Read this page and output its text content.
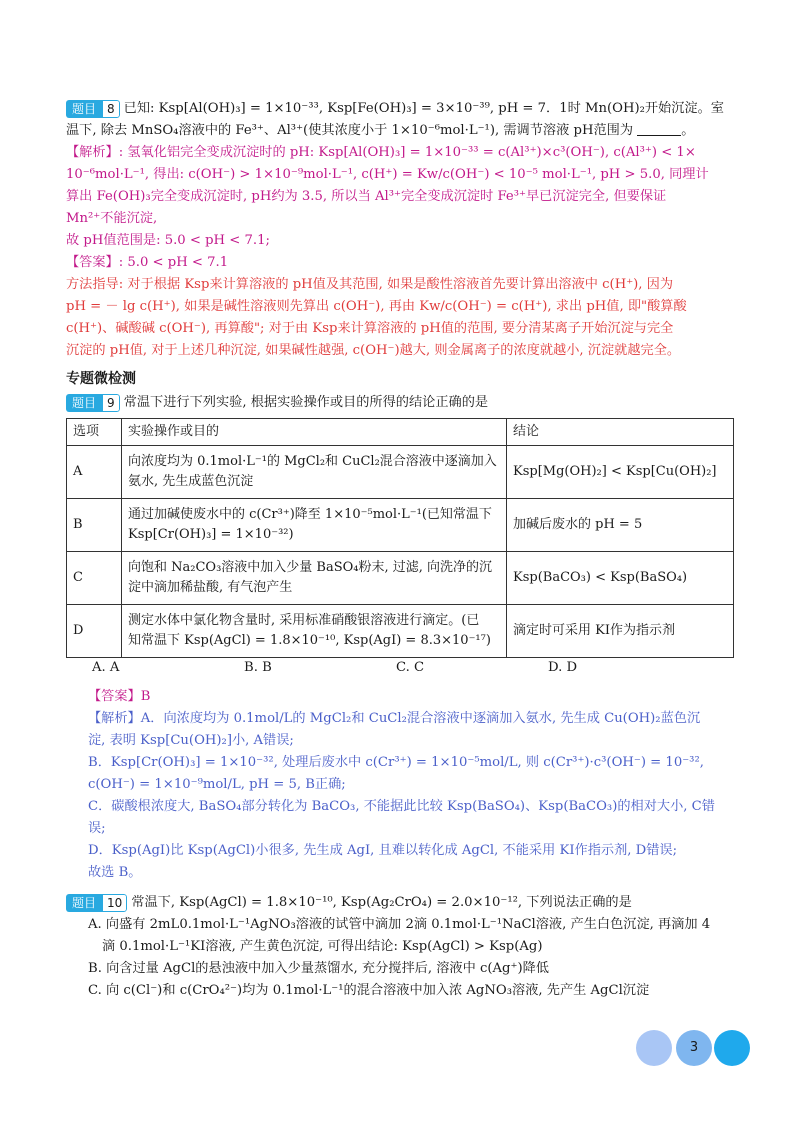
题目 8 已知: Ksp[Al(OH)₃] = 1×10⁻³³, Ksp[Fe(OH)₃] = 3×10⁻³⁹, pH = 7．1时 Mn(OH)₂开始沉淀。室
温下, 除去 MnSO₄溶液中的 Fe³⁺、Al³⁺(使其浓度小于 1×10⁻⁶mol·L⁻¹), 需调节溶液 pH范围为	。
【解析】: 氢氧化铝完全变成沉淀时的 pH: Ksp[Al(OH)₃] = 1×10⁻³³ = c(Al³⁺)×c³(OH⁻), c(Al³⁺) < 1×
10⁻⁶mol·L⁻¹, 得出: c(OH⁻) > 1×10⁻⁹mol·L⁻¹, c(H⁺) = Kw/c(OH⁻) < 10⁻⁵ mol·L⁻¹, pH > 5.0, 同理计
算出 Fe(OH)₃完全变成沉淀时, pH约为 3.5, 所以当 Al³⁺完全变成沉淀时 Fe³⁺早已沉淀完全, 但要保证
Mn²⁺不能沉淀,
故 pH值范围是: 5.0 < pH < 7.1;
【答案】: 5.0 < pH < 7.1
方法指导: 对于根据 Ksp来计算溶液的 pH值及其范围, 如果是酸性溶液首先要计算出溶液中 c(H⁺), 因为
pH = － lg c(H⁺), 如果是碱性溶液则先算出 c(OH⁻), 再由 Kw/c(OH⁻) = c(H⁺), 求出 pH值, 即"酸算酸
c(H⁺)、碱酸碱 c(OH⁻), 再算酸"; 对于由 Ksp来计算溶液的 pH值的范围, 要分清某离子开始沉淀与完全
沉淀的 pH值, 对于上述几种沉淀, 如果碱性越强, c(OH⁻)越大, 则金属离子的浓度就越小, 沉淀就越完全。
专题微检测
题目 9 常温下进行下列实验, 根据实验操作或目的所得的结论正确的是
选项	实验操作或目的	结论
A	向浓度均为 0.1mol·L⁻¹的 MgCl₂和 CuCl₂混合溶液中逐滴加入
氨水, 先生成蓝色沉淀	Ksp[Mg(OH)₂] < Ksp[Cu(OH)₂]
B	通过加碱使废水中的 c(Cr³⁺)降至 1×10⁻⁵mol·L⁻¹(已知常温下
Ksp[Cr(OH)₃] = 1×10⁻³²)	加碱后废水的 pH = 5
C	向饱和 Na₂CO₃溶液中加入少量 BaSO₄粉末, 过滤, 向洗净的沉
淀中滴加稀盐酸, 有气泡产生	Ksp(BaCO₃) < Ksp(BaSO₄)
D	测定水体中氯化物含量时, 采用标准硝酸银溶液进行滴定。(已
知常温下 Ksp(AgCl) = 1.8×10⁻¹⁰, Ksp(AgI) = 8.3×10⁻¹⁷)	滴定时可采用 KI作为指示剂
A. A	B. B	C. C	D. D
【答案】B
【解析】A．向浓度均为 0.1mol/L的 MgCl₂和 CuCl₂混合溶液中逐滴加入氨水, 先生成 Cu(OH)₂蓝色沉
淀, 表明 Ksp[Cu(OH)₂]小, A错误;
B．Ksp[Cr(OH)₃] = 1×10⁻³², 处理后废水中 c(Cr³⁺) = 1×10⁻⁵mol/L, 则 c(Cr³⁺)·c³(OH⁻) = 10⁻³²,
c(OH⁻) = 1×10⁻⁹mol/L, pH = 5, B正确;
C．碳酸根浓度大, BaSO₄部分转化为 BaCO₃, 不能据此比较 Ksp(BaSO₄)、Ksp(BaCO₃)的相对大小, C错
误;
D．Ksp(AgI)比 Ksp(AgCl)小很多, 先生成 AgI, 且难以转化成 AgCl, 不能采用 KI作指示剂, D错误;
故选 B。
题目 10 常温下, Ksp(AgCl) = 1.8×10⁻¹⁰, Ksp(Ag₂CrO₄) = 2.0×10⁻¹², 下列说法正确的是
A. 向盛有 2mL0.1mol·L⁻¹AgNO₃溶液的试管中滴加 2滴 0.1mol·L⁻¹NaCl溶液, 产生白色沉淀, 再滴加 4
滴 0.1mol·L⁻¹KI溶液, 产生黄色沉淀, 可得出结论: Ksp(AgCl) > Ksp(Ag)
B. 向含过量 AgCl的悬浊液中加入少量蒸馏水, 充分搅拌后, 溶液中 c(Ag⁺)降低
C. 向 c(Cl⁻)和 c(CrO₄²⁻)均为 0.1mol·L⁻¹的混合溶液中加入浓 AgNO₃溶液, 先产生 AgCl沉淀
3
